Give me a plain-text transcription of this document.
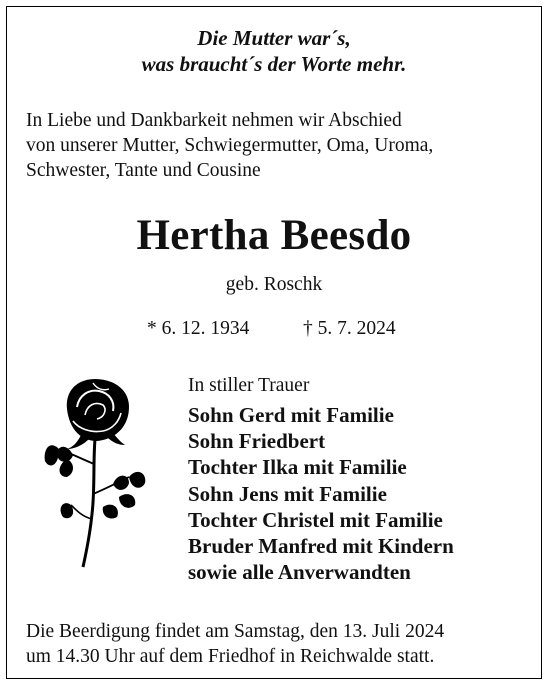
Die Mutter war´s,
was braucht´s der Worte mehr.
In Liebe und Dankbarkeit nehmen wir Abschied
von unserer Mutter, Schwiegermutter, Oma, Uroma,
Schwester, Tante und Cousine
Hertha Beesdo
geb. Roschk
* 6. 12. 1934	† 5. 7. 2024
In stiller Trauer
Sohn Gerd mit Familie
Sohn Friedbert
Tochter Ilka mit Familie
Sohn Jens mit Familie
Tochter Christel mit Familie
Bruder Manfred mit Kindern
sowie alle Anverwandten
Die Beerdigung findet am Samstag, den 13. Juli 2024
um 14.30 Uhr auf dem Friedhof in Reichwalde statt.
